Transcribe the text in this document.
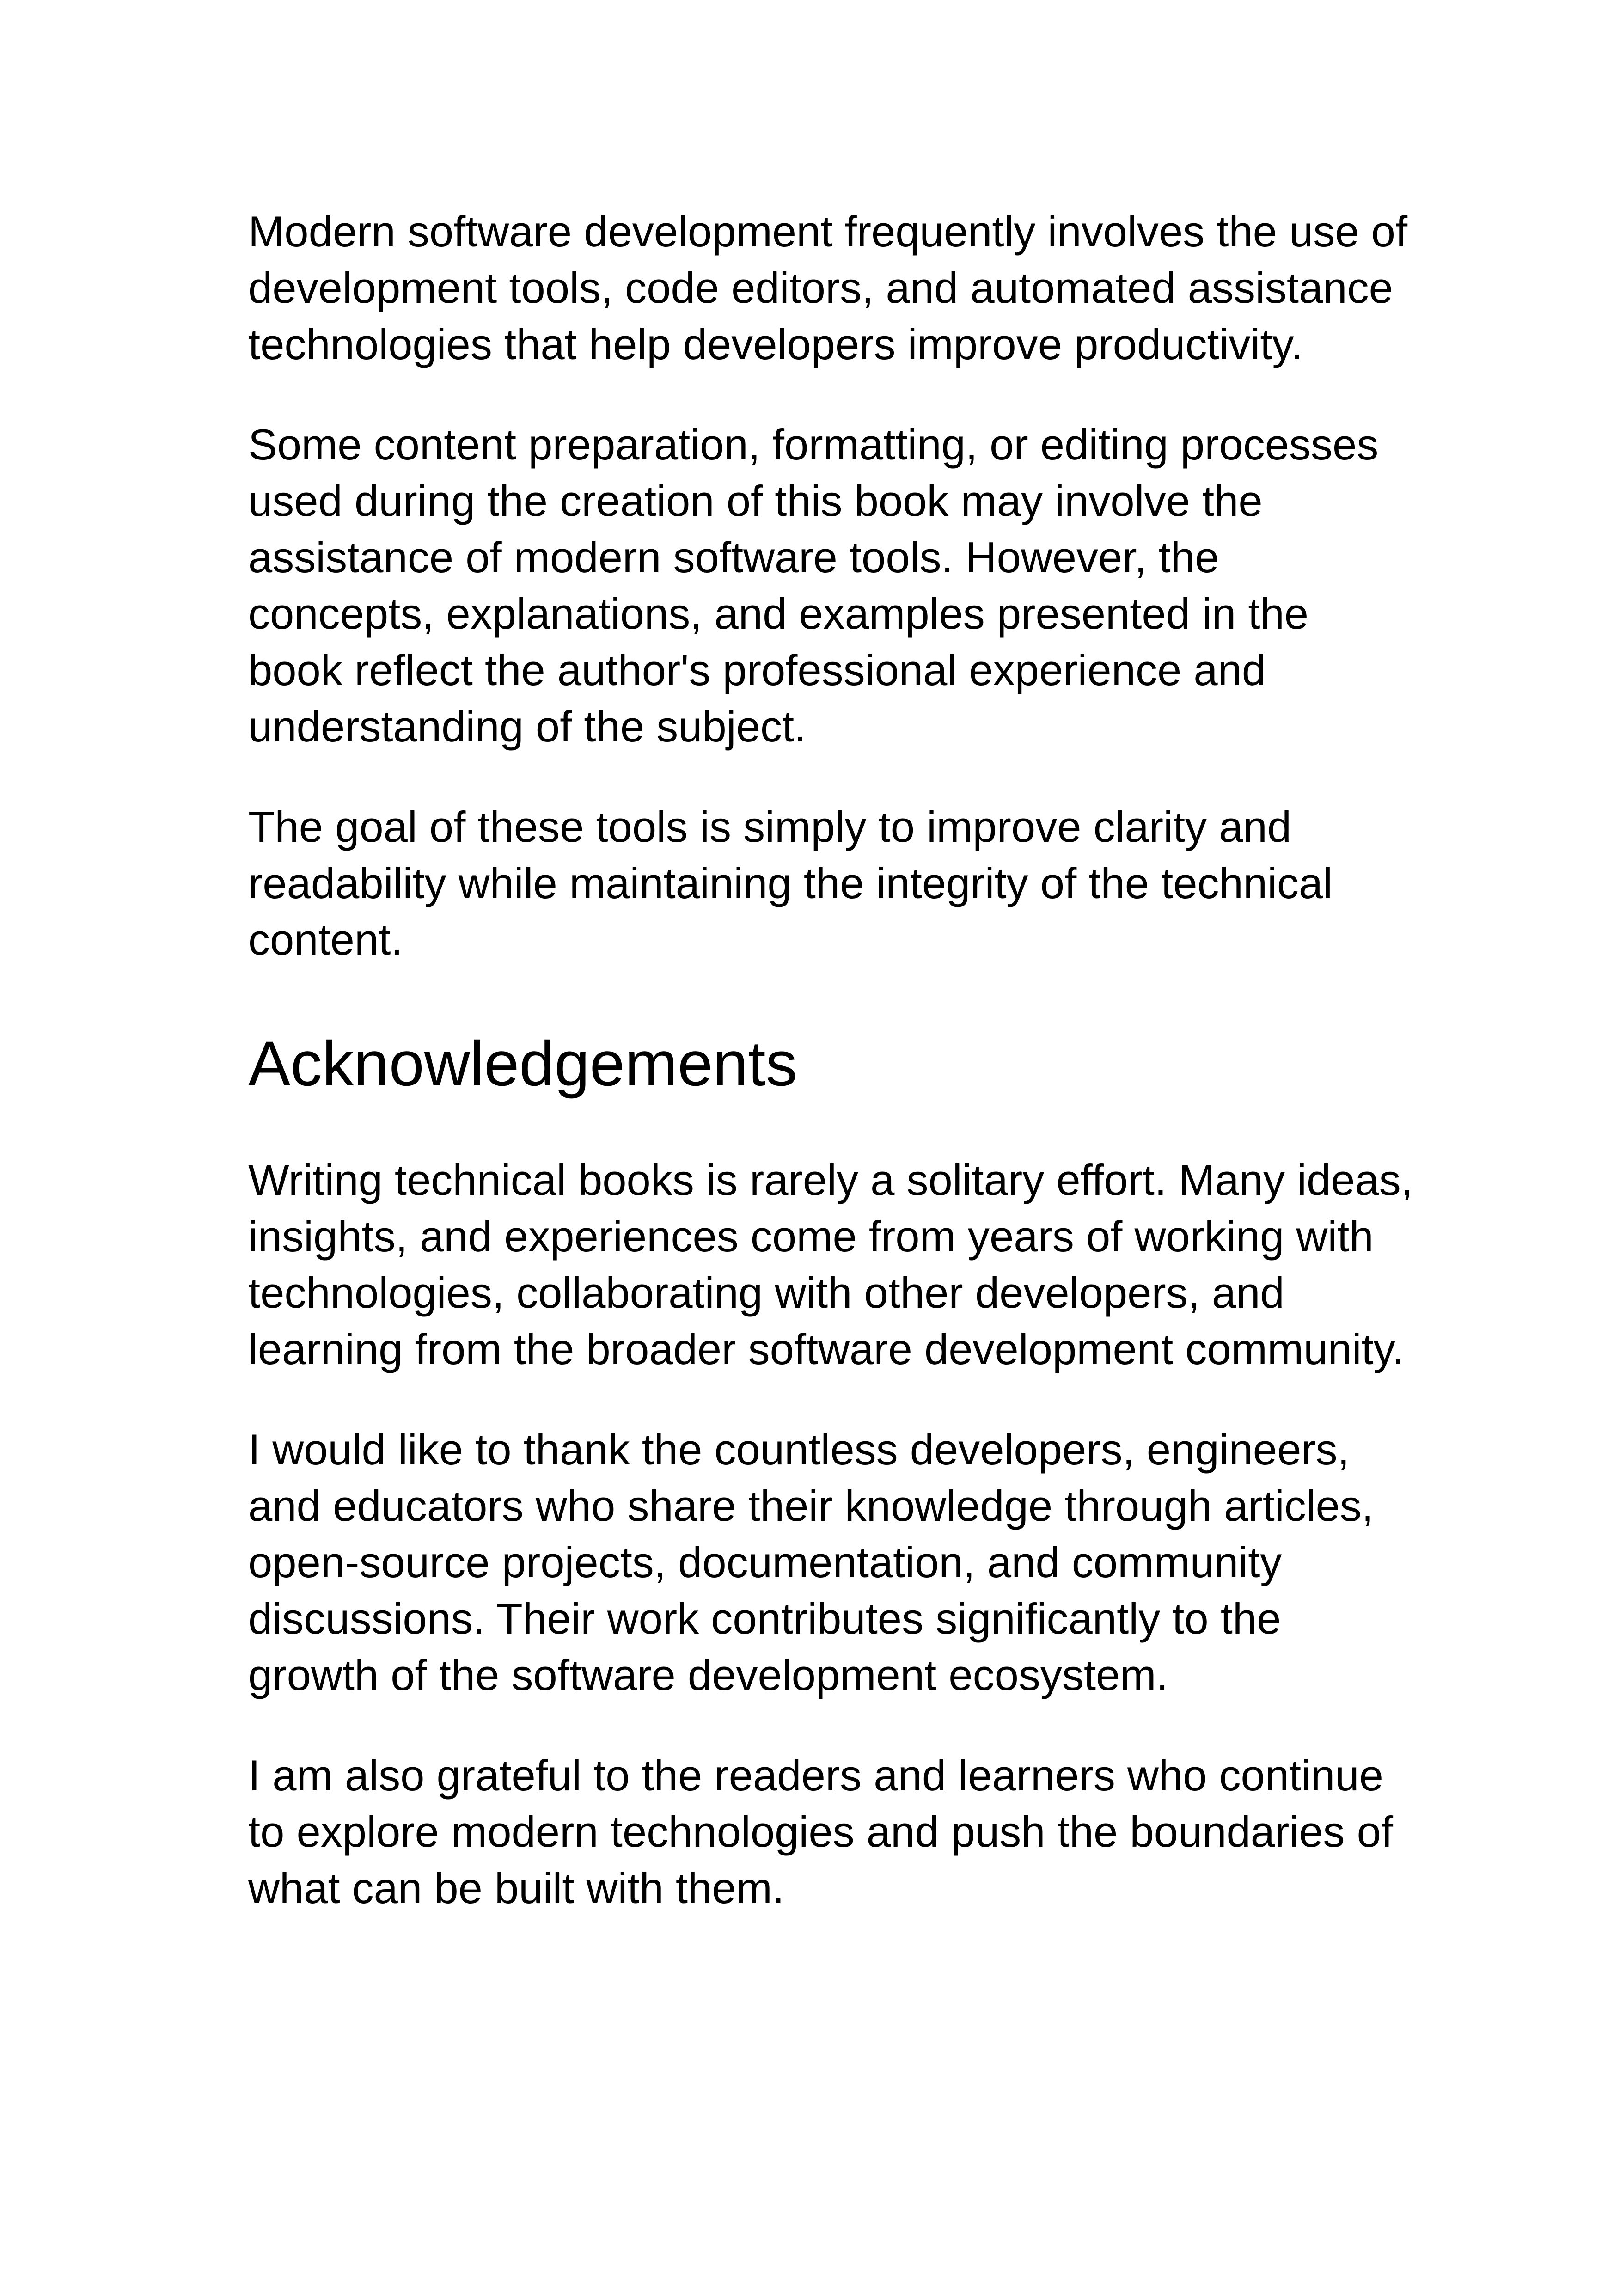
Modern software development frequently involves the use of development tools, code editors, and automated assistance technologies that help developers improve productivity.

Some content preparation, formatting, or editing processes used during the creation of this book may involve the assistance of modern software tools. However, the concepts, explanations, and examples presented in the book reflect the author's professional experience and understanding of the subject.

The goal of these tools is simply to improve clarity and readability while maintaining the integrity of the technical content.

Acknowledgements

Writing technical books is rarely a solitary effort. Many ideas, insights, and experiences come from years of working with technologies, collaborating with other developers, and learning from the broader software development community.

I would like to thank the countless developers, engineers, and educators who share their knowledge through articles, open-source projects, documentation, and community discussions. Their work contributes significantly to the growth of the software development ecosystem.

I am also grateful to the readers and learners who continue to explore modern technologies and push the boundaries of what can be built with them.
